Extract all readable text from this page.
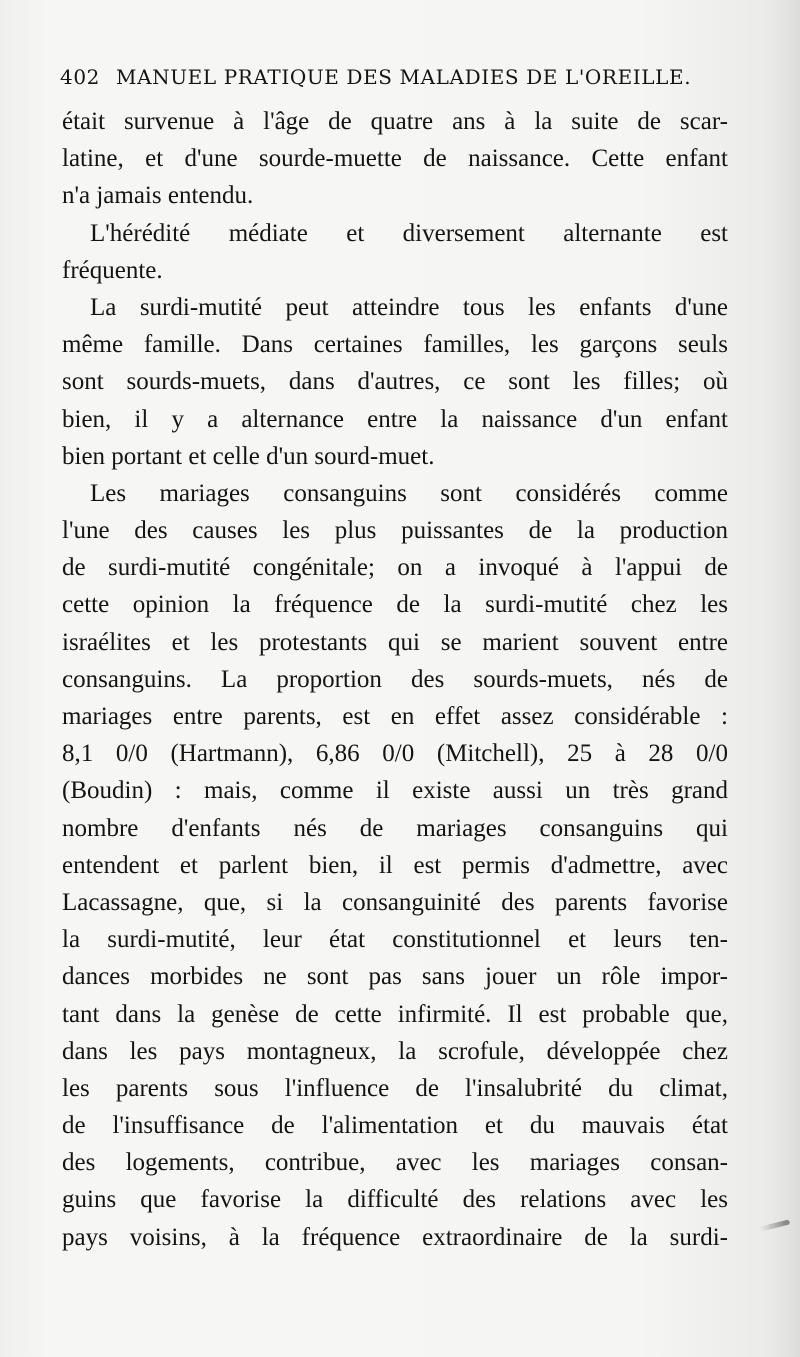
402 MANUEL PRATIQUE DES MALADIES DE L'OREILLE.
était survenue à l'âge de quatre ans à la suite de scar-
latine, et d'une sourde-muette de naissance. Cette enfant
n'a jamais entendu.
L'hérédité médiate et diversement alternante est
fréquente.
La surdi-mutité peut atteindre tous les enfants d'une
même famille. Dans certaines familles, les garçons seuls
sont sourds-muets, dans d'autres, ce sont les filles; où
bien, il y a alternance entre la naissance d'un enfant
bien portant et celle d'un sourd-muet.
Les mariages consanguins sont considérés comme
l'une des causes les plus puissantes de la production
de surdi-mutité congénitale; on a invoqué à l'appui de
cette opinion la fréquence de la surdi-mutité chez les
israélites et les protestants qui se marient souvent entre
consanguins. La proportion des sourds-muets, nés de
mariages entre parents, est en effet assez considérable :
8,1 0/0 (Hartmann), 6,86 0/0 (Mitchell), 25 à 28 0/0
(Boudin) : mais, comme il existe aussi un très grand
nombre d'enfants nés de mariages consanguins qui
entendent et parlent bien, il est permis d'admettre, avec
Lacassagne, que, si la consanguinité des parents favorise
la surdi-mutité, leur état constitutionnel et leurs ten-
dances morbides ne sont pas sans jouer un rôle impor-
tant dans la genèse de cette infirmité. Il est probable que,
dans les pays montagneux, la scrofule, développée chez
les parents sous l'influence de l'insalubrité du climat,
de l'insuffisance de l'alimentation et du mauvais état
des logements, contribue, avec les mariages consan-
guins que favorise la difficulté des relations avec les
pays voisins, à la fréquence extraordinaire de la surdi-
